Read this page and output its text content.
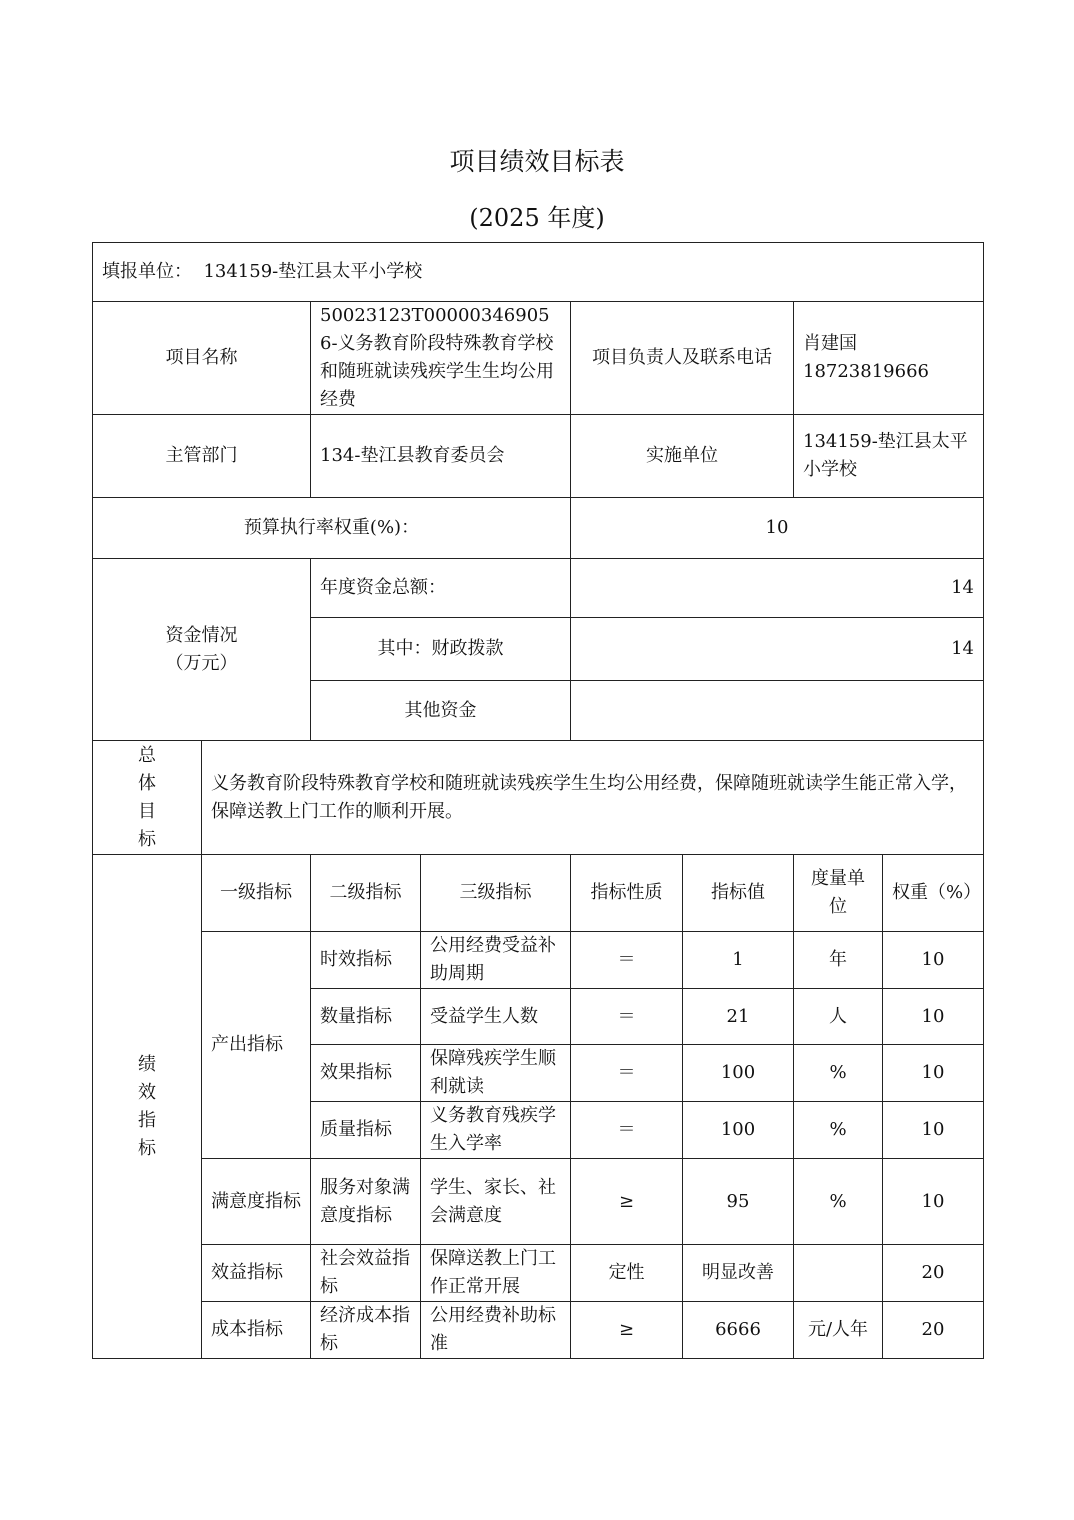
项目绩效目标表
(2025 年度)
填报单位： 134159-垫江县太平小学校							
项目名称		50023123T000003469056-义务教育阶段特殊教育学校和随班就读残疾学生生均公用经费		项目负责人及联系电话		肖建国
18723819666	

主管部门		134-垫江县教育委员会		实施单位		134159-垫江县太平小学校	
预算执行率权重(%)：				10			

资金情况
（万元）		年度资金总额：		14			
		其中：财政拨款		14			
		其他资金					

总
体
目
标	义务教育阶段特殊教育学校和随班就读残疾学生生均公用经费，保障随班就读学生能正常入学，保障送教上门工作的顺利开展。						

绩
效
指
标	一级指标	二级指标	三级指标	指标性质	指标值	度量单位	权重（%）
	产出指标	时效指标	公用经费受益补助周期	＝	1	年	10
		数量指标	受益学生人数	＝	21	人	10
		效果指标	保障残疾学生顺利就读	＝	100	%	10
		质量指标	义务教育残疾学生入学率	＝	100	%	10
	满意度指标	服务对象满意度指标	学生、家长、社会满意度	≥	95	%	10
	效益指标	社会效益指标	保障送教上门工作正常开展	定性	明显改善		20
	成本指标	经济成本指标	公用经费补助标准	≥	6666	元/人年	20
